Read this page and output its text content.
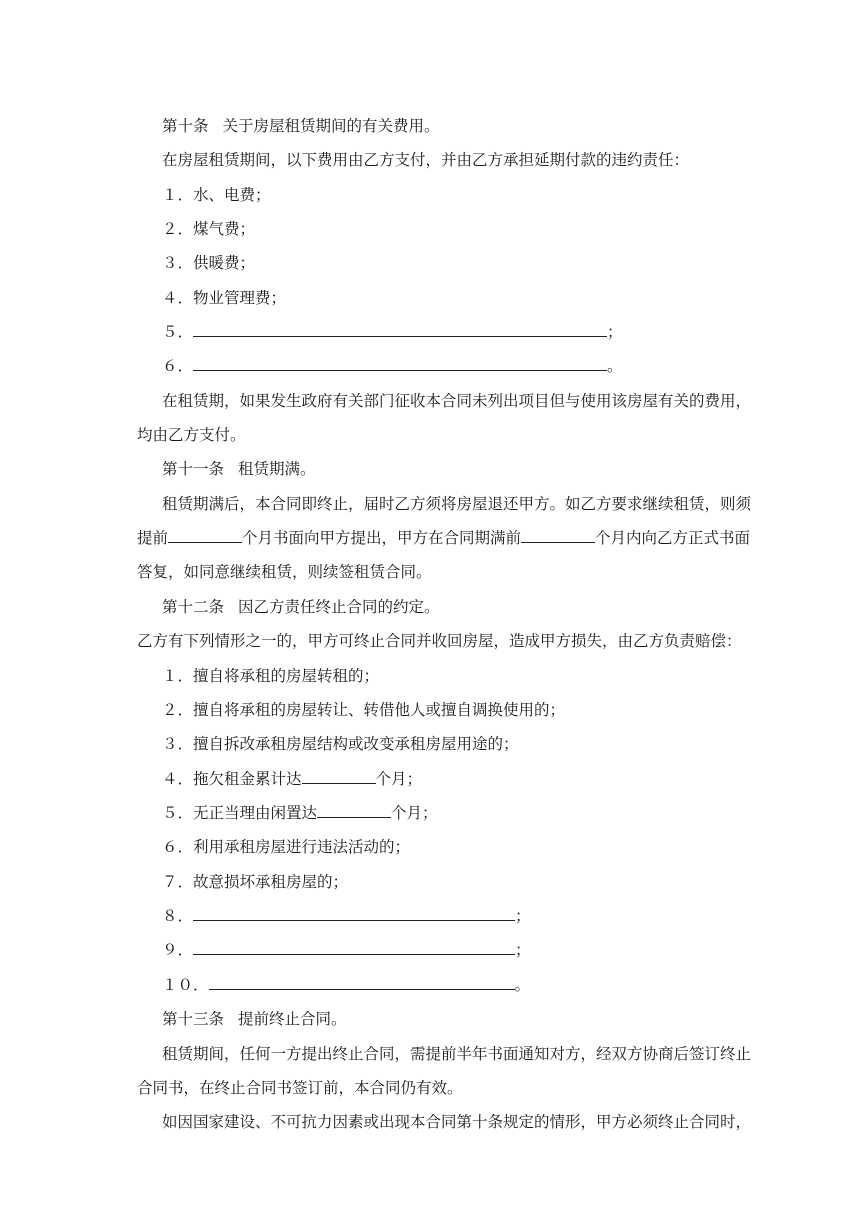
第十条 关于房屋租赁期间的有关费用。
在房屋租赁期间，以下费用由乙方支付，并由乙方承担延期付款的违约责任：
１．水、电费；
２．煤气费；
３．供暖费；
４．物业管理费；
５．	；
６．	。
在租赁期，如果发生政府有关部门征收本合同未列出项目但与使用该房屋有关的费用，
均由乙方支付。
第十一条 租赁期满。
租赁期满后，本合同即终止，届时乙方须将房屋退还甲方。如乙方要求继续租赁，则须
提前	个月书面向甲方提出，甲方在合同期满前	个月内向乙方正式书面
答复，如同意继续租赁，则续签租赁合同。
第十二条 因乙方责任终止合同的约定。
乙方有下列情形之一的，甲方可终止合同并收回房屋，造成甲方损失，由乙方负责赔偿：
１．擅自将承租的房屋转租的；
２．擅自将承租的房屋转让、转借他人或擅自调换使用的；
３．擅自拆改承租房屋结构或改变承租房屋用途的；
４．拖欠租金累计达	个月；
５．无正当理由闲置达	个月；
６．利用承租房屋进行违法活动的；
７．故意损坏承租房屋的；
８．	；
９．	；
１０．	。
第十三条 提前终止合同。
租赁期间，任何一方提出终止合同，需提前半年书面通知对方，经双方协商后签订终止
合同书，在终止合同书签订前，本合同仍有效。
如因国家建设、不可抗力因素或出现本合同第十条规定的情形，甲方必须终止合同时，
